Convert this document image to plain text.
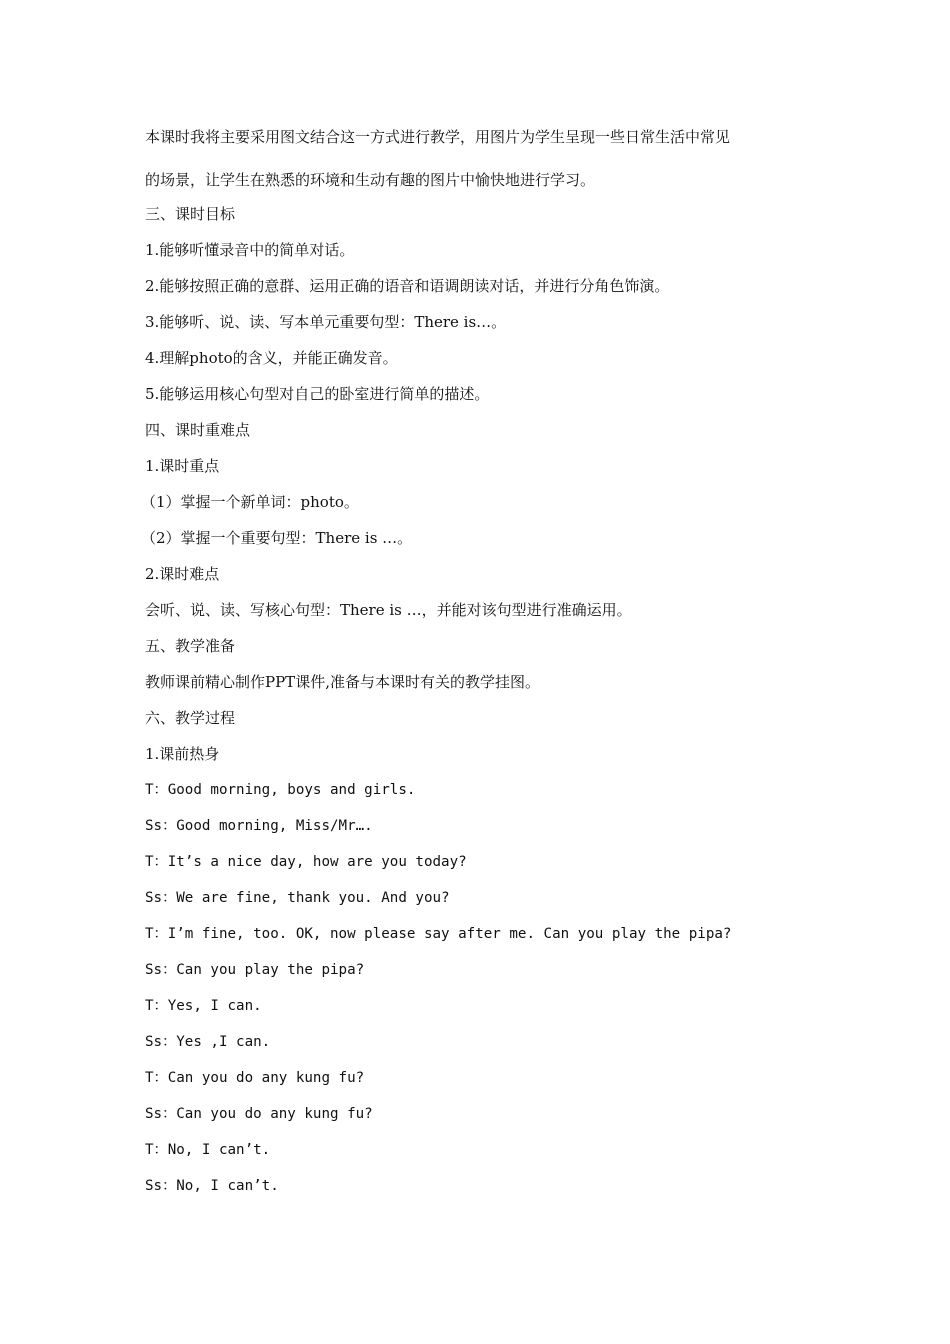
本课时我将主要采用图文结合这一方式进行教学，用图片为学生呈现一些日常生活中常见
的场景，让学生在熟悉的环境和生动有趣的图片中愉快地进行学习。
三、课时目标
1.能够听懂录音中的简单对话。
2.能够按照正确的意群、运用正确的语音和语调朗读对话，并进行分角色饰演。
3.能够听、说、读、写本单元重要句型：There is…。
4.理解photo的含义，并能正确发音。
5.能够运用核心句型对自己的卧室进行简单的描述。
四、课时重难点
1.课时重点
（1）掌握一个新单词：photo。
（2）掌握一个重要句型：There is …。
2.课时难点
会听、说、读、写核心句型：There is …，并能对该句型进行准确运用。
五、教学准备
教师课前精心制作PPT课件,准备与本课时有关的教学挂图。
六、教学过程
1.课前热身
T：Good morning, boys and girls.
Ss：Good morning, Miss/Mr….
T：It’s a nice day, how are you today?
Ss：We are fine, thank you. And you?
T：I’m fine, too. OK, now please say after me. Can you play the pipa?
Ss：Can you play the pipa?
T：Yes, I can.
Ss：Yes ,I can.
T：Can you do any kung fu?
Ss：Can you do any kung fu?
T：No, I can’t.
Ss：No, I can’t.
